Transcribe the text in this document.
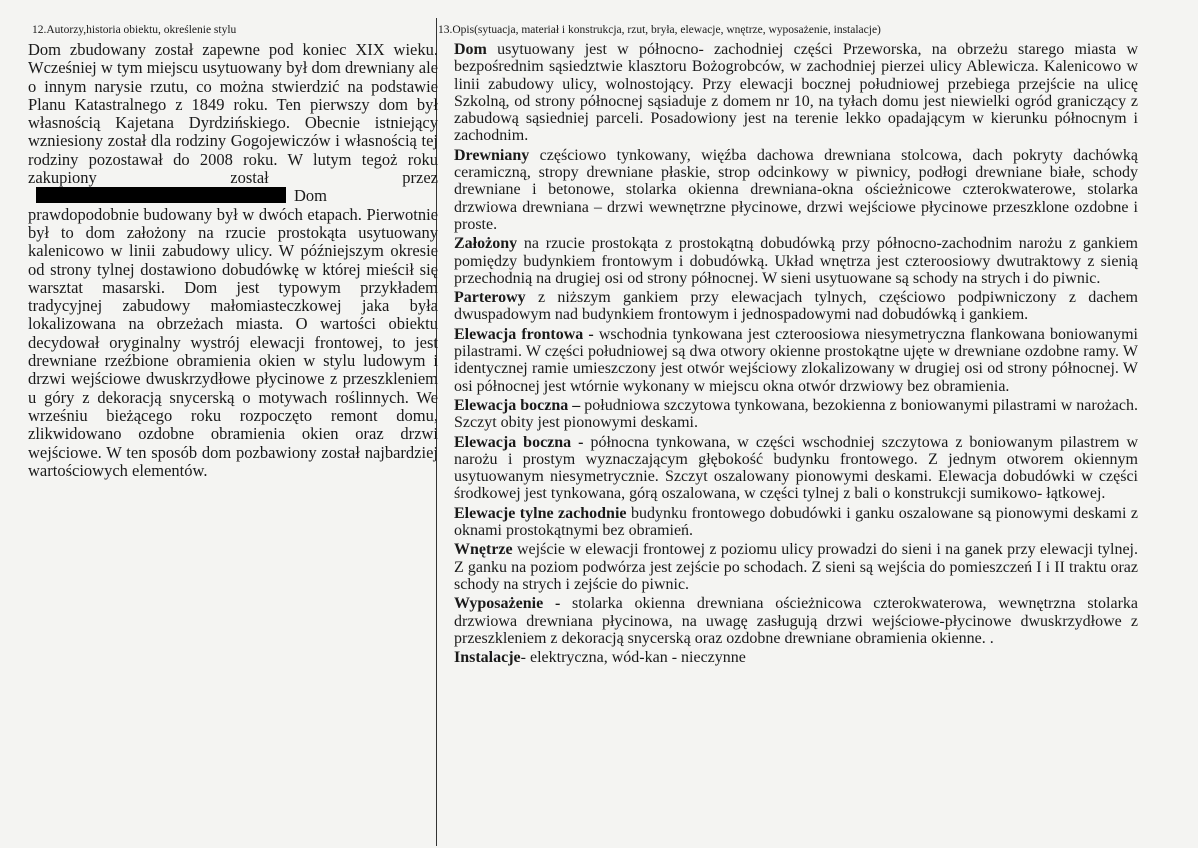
12.Autorzy,historia obiektu, określenie stylu

Dom zbudowany został zapewne pod koniec XIX wieku. Wcześniej w tym miejscu usytuowany był dom drewniany ale o innym narysie rzutu, co można stwierdzić na podstawie Planu Katastralnego z 1849 roku. Ten pierwszy dom był własnością Kajetana Dyrdzińskiego. Obecnie istniejący wzniesiony został dla rodziny Gogojewiczów i własnością tej rodziny pozostawał do 2008 roku. W lutym tegoż roku zakupiony został przezDom prawdopodobnie budowany był w dwóch etapach. Pierwotnie był to dom założony na rzucie prostokąta usytuowany kalenicowo w linii zabudowy ulicy. W późniejszym okresie od strony tylnej dostawiono dobudówkę w której mieścił się warsztat masarski. Dom jest typowym przykładem tradycyjnej zabudowy małomiasteczkowej jaka była lokalizowana na obrzeżach miasta. O wartości obiektu decydował oryginalny wystrój elewacji frontowej, to jest drewniane rzeźbione obramienia okien w stylu ludowym i drzwi wejściowe dwuskrzydłowe płycinowe z przeszkleniem u góry z dekoracją snycerską o motywach roślinnych. We wrześniu bieżącego roku rozpoczęto remont domu, zlikwidowano ozdobne obramienia okien oraz drzwi wejściowe. W ten sposób dom pozbawiony został najbardziej wartościowych elementów.

13.Opis(sytuacja, materiał i konstrukcja, rzut, bryła, elewacje, wnętrze, wyposażenie, instalacje)

Dom usytuowany jest w północno- zachodniej części Przeworska, na obrzeżu starego miasta w bezpośrednim sąsiedztwie klasztoru Bożogrobców, w zachodniej pierzei ulicy Ablewicza. Kalenicowo w linii zabudowy ulicy, wolnostojący. Przy elewacji bocznej południowej przebiega przejście na ulicę Szkolną, od strony północnej sąsiaduje z domem nr 10, na tyłach domu jest niewielki ogród graniczący z zabudową sąsiedniej parceli. Posadowiony jest na terenie lekko opadającym w kierunku północnym i zachodnim.

Drewniany częściowo tynkowany, więźba dachowa drewniana stolcowa, dach pokryty dachówką ceramiczną, stropy drewniane płaskie, strop odcinkowy w piwnicy, podłogi drewniane białe, schody drewniane i betonowe, stolarka okienna drewniana-okna ościeżnicowe czterokwaterowe, stolarka drzwiowa drewniana – drzwi wewnętrzne płycinowe, drzwi wejściowe płycinowe przeszklone ozdobne i proste.

Założony na rzucie prostokąta z prostokątną dobudówką przy północno-zachodnim narożu z gankiem pomiędzy budynkiem frontowym i dobudówką. Układ wnętrza jest czteroosiowy dwutraktowy z sienią przechodnią na drugiej osi od strony północnej. W sieni usytuowane są schody na strych i do piwnic.

Parterowy z niższym gankiem przy elewacjach tylnych, częściowo podpiwniczony z dachem dwuspadowym nad budynkiem frontowym i jednospadowymi nad dobudówką i gankiem.

Elewacja frontowa - wschodnia tynkowana jest czteroosiowa niesymetryczna flankowana boniowanymi pilastrami. W części południowej są dwa otwory okienne prostokątne ujęte w drewniane ozdobne ramy. W identycznej ramie umieszczony jest otwór wejściowy zlokalizowany w drugiej osi od strony północnej. W osi północnej jest wtórnie wykonany w miejscu okna otwór drzwiowy bez obramienia.

Elewacja boczna – południowa szczytowa tynkowana, bezokienna z boniowanymi pilastrami w narożach. Szczyt obity jest pionowymi deskami.

Elewacja boczna - północna tynkowana, w części wschodniej szczytowa z boniowanym pilastrem w narożu i prostym wyznaczającym głębokość budynku frontowego. Z jednym otworem okiennym usytuowanym niesymetrycznie. Szczyt oszalowany pionowymi deskami. Elewacja dobudówki w części środkowej jest tynkowana, górą oszalowana, w części tylnej z bali o konstrukcji sumikowo- łątkowej.

Elewacje tylne zachodnie budynku frontowego dobudówki i ganku oszalowane są pionowymi deskami z oknami prostokątnymi bez obramień.

Wnętrze wejście w elewacji frontowej z poziomu ulicy prowadzi do sieni i na ganek przy elewacji tylnej. Z ganku na poziom podwórza jest zejście po schodach. Z sieni są wejścia do pomieszczeń I i II traktu oraz schody na strych i zejście do piwnic.

Wyposażenie - stolarka okienna drewniana ościeżnicowa czterokwaterowa, wewnętrzna stolarka drzwiowa drewniana płycinowa, na uwagę zasługują drzwi wejściowe-płycinowe dwuskrzydłowe z przeszkleniem z dekoracją snycerską oraz ozdobne drewniane obramienia okienne. .

Instalacje- elektryczna, wód-kan - nieczynne
